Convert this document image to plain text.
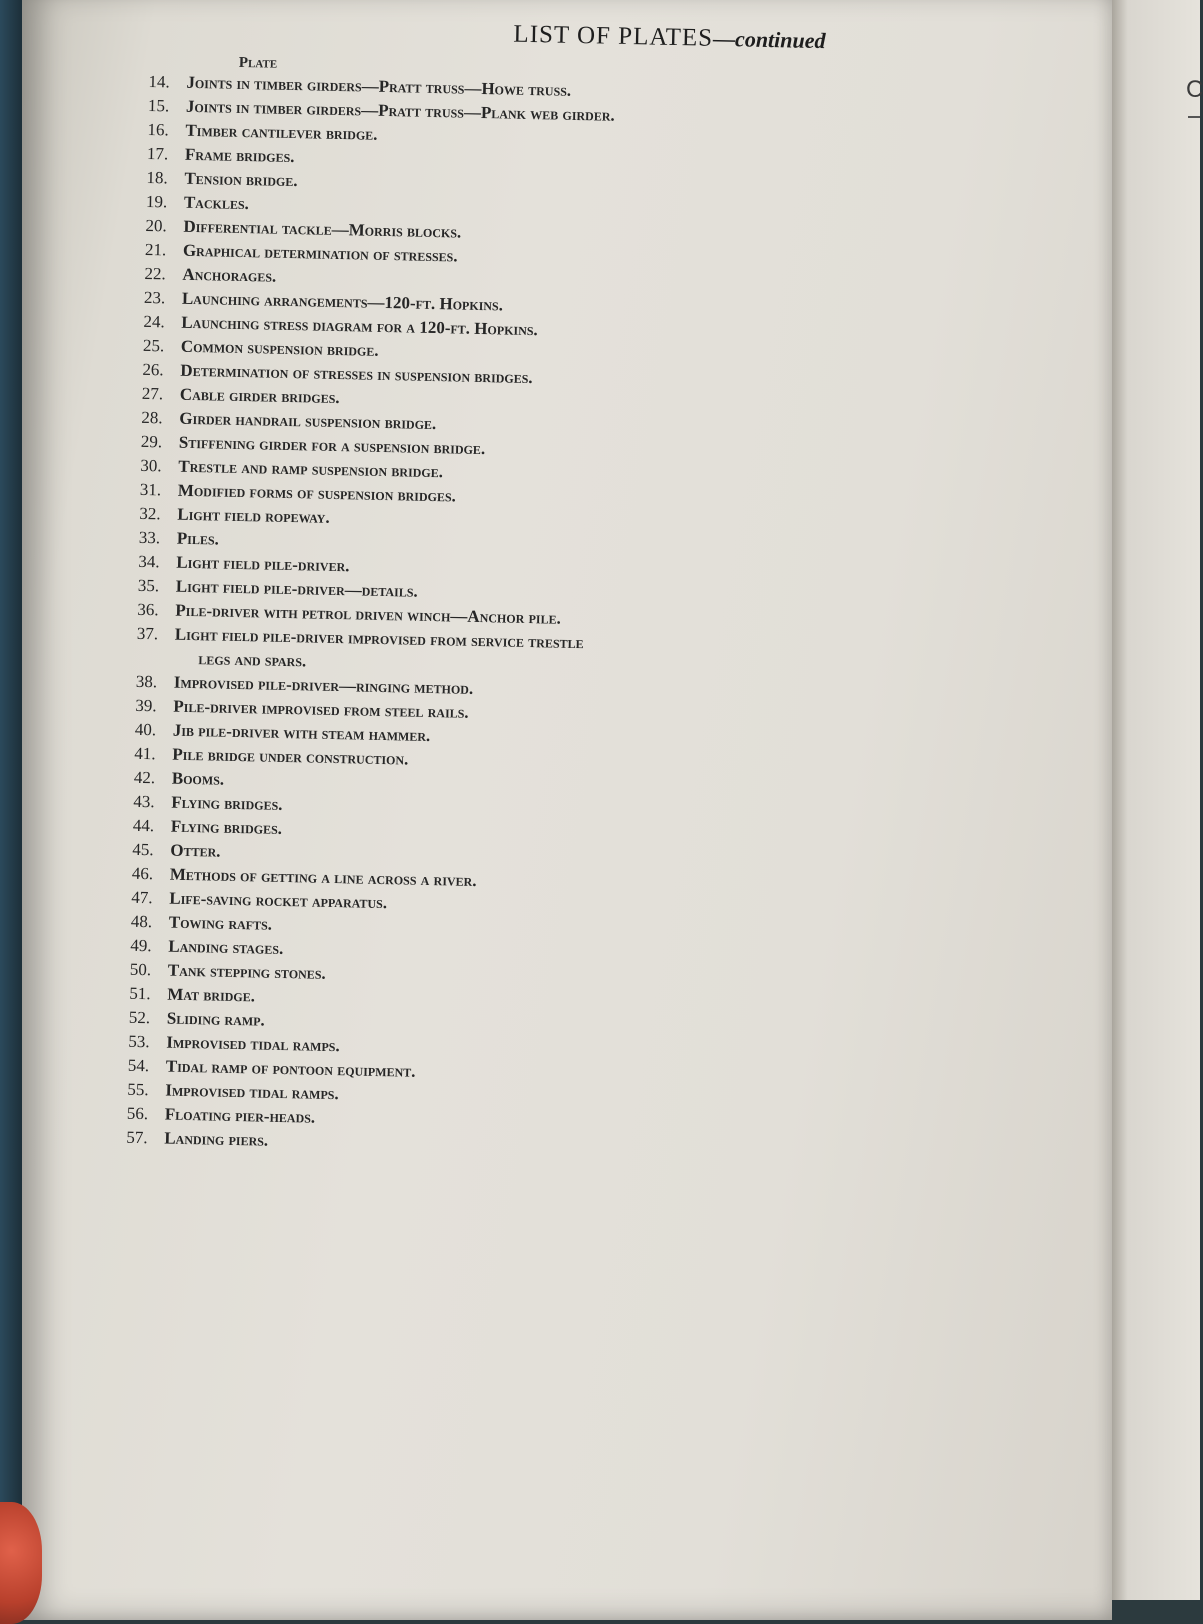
C
LIST OF PLATES—continued
Plate
14. Joints in timber girders—Pratt truss—Howe truss.
15. Joints in timber girders—Pratt truss—Plank web girder.
16. Timber cantilever bridge.
17. Frame bridges.
18. Tension bridge.
19. Tackles.
20. Differential tackle—Morris blocks.
21. Graphical determination of stresses.
22. Anchorages.
23. Launching arrangements—120-ft. Hopkins.
24. Launching stress diagram for a 120-ft. Hopkins.
25. Common suspension bridge.
26. Determination of stresses in suspension bridges.
27. Cable girder bridges.
28. Girder handrail suspension bridge.
29. Stiffening girder for a suspension bridge.
30. Trestle and ramp suspension bridge.
31. Modified forms of suspension bridges.
32. Light field ropeway.
33. Piles.
34. Light field pile-driver.
35. Light field pile-driver—details.
36. Pile-driver with petrol driven winch—Anchor pile.
37. Light field pile-driver improvised from service trestle
legs and spars.
38. Improvised pile-driver—ringing method.
39. Pile-driver improvised from steel rails.
40. Jib pile-driver with steam hammer.
41. Pile bridge under construction.
42. Booms.
43. Flying bridges.
44. Flying bridges.
45. Otter.
46. Methods of getting a line across a river.
47. Life-saving rocket apparatus.
48. Towing rafts.
49. Landing stages.
50. Tank stepping stones.
51. Mat bridge.
52. Sliding ramp.
53. Improvised tidal ramps.
54. Tidal ramp of pontoon equipment.
55. Improvised tidal ramps.
56. Floating pier-heads.
57. Landing piers.
